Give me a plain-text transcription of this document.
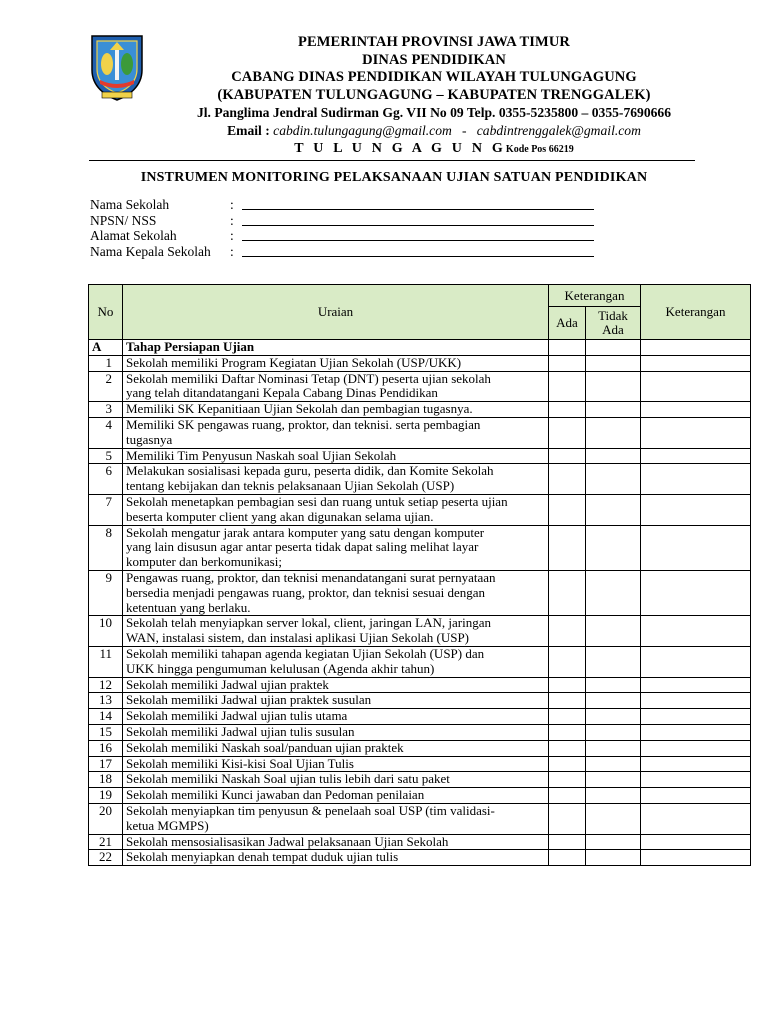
PEMERINTAH PROVINSI JAWA TIMUR
DINAS PENDIDIKAN
CABANG DINAS PENDIDIKAN WILAYAH TULUNGAGUNG
(KABUPATEN TULUNGAGUNG – KABUPATEN TRENGGALEK)
Jl. Panglima Jendral Sudirman Gg. VII No 09 Telp. 0355-5235800 – 0355-7690666
Email : cabdin.tulungagung@gmail.com - cabdintrenggalek@gmail.com
T U L U N G A G U N GKode Pos 66219
INSTRUMEN MONITORING PELAKSANAAN UJIAN SATUAN PENDIDIKAN
Nama Sekolah	:
NPSN/ NSS	:
Alamat Sekolah	:
Nama Kepala Sekolah	:
No	Uraian	Keterangan		Keterangan
		Ada	Tidak
Ada	
A	Tahap Persiapan Ujian			
1	Sekolah memiliki Program Kegiatan Ujian Sekolah (USP/UKK)			
2	Sekolah memiliki Daftar Nominasi Tetap (DNT) peserta ujian sekolah
yang telah ditandatangani Kepala Cabang Dinas Pendidikan			
3	Memiliki SK Kepanitiaan Ujian Sekolah dan pembagian tugasnya.			
4	Memiliki SK pengawas ruang, proktor, dan teknisi. serta pembagian
tugasnya			
5	Memiliki Tim Penyusun Naskah soal Ujian Sekolah			
6	Melakukan sosialisasi kepada guru, peserta didik, dan Komite Sekolah
tentang kebijakan dan teknis pelaksanaan Ujian Sekolah (USP)			
7	Sekolah menetapkan pembagian sesi dan ruang untuk setiap peserta ujian
beserta komputer client yang akan digunakan selama ujian.			
8	Sekolah mengatur jarak antara komputer yang satu dengan komputer
yang lain disusun agar antar peserta tidak dapat saling melihat layar
komputer dan berkomunikasi;			
9	Pengawas ruang, proktor, dan teknisi menandatangani surat pernyataan
bersedia menjadi pengawas ruang, proktor, dan teknisi sesuai dengan
ketentuan yang berlaku.			
10	Sekolah telah menyiapkan server lokal, client, jaringan LAN, jaringan
WAN, instalasi sistem, dan instalasi aplikasi Ujian Sekolah (USP)			
11	Sekolah memiliki tahapan agenda kegiatan Ujian Sekolah (USP) dan
UKK hingga pengumuman kelulusan (Agenda akhir tahun)			
12	Sekolah memiliki Jadwal ujian praktek			
13	Sekolah memiliki Jadwal ujian praktek susulan			
14	Sekolah memiliki Jadwal ujian tulis utama			
15	Sekolah memiliki Jadwal ujian tulis susulan			
16	Sekolah memiliki Naskah soal/panduan ujian praktek			
17	Sekolah memiliki Kisi-kisi Soal Ujian Tulis			
18	Sekolah memiliki Naskah Soal ujian tulis lebih dari satu paket			
19	Sekolah memiliki Kunci jawaban dan Pedoman penilaian			
20	Sekolah menyiapkan tim penyusun & penelaah soal USP (tim validasi-
ketua MGMPS)			
21	Sekolah mensosialisasikan Jadwal pelaksanaan Ujian Sekolah			
22	Sekolah menyiapkan denah tempat duduk ujian tulis			
